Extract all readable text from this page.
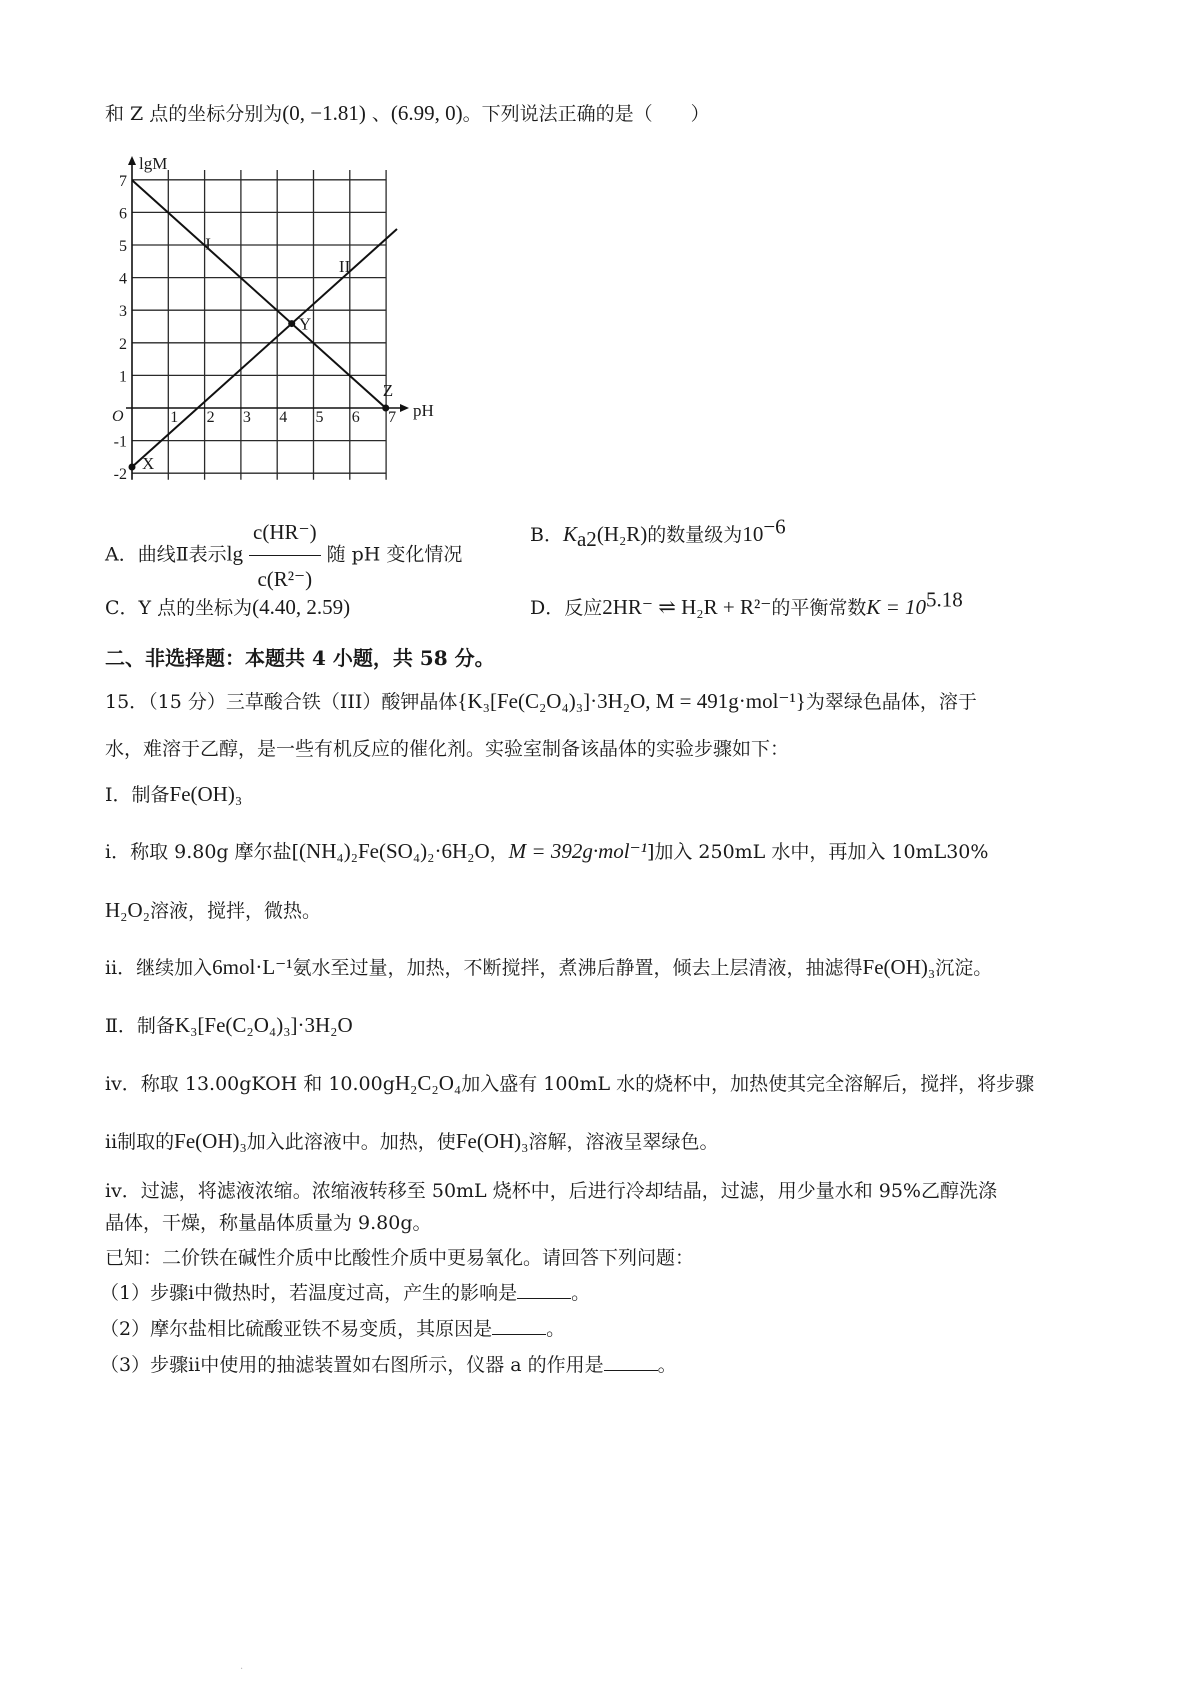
和 Z 点的坐标分别为(0, −1.81) 、(6.99, 0)。下列说法正确的是（　　）
lgM
pH
O	1 2 3 4 5 6 7
-2
-1
1
2
3
4
5
6
7
I
II
X
Y
Z
A．曲线Ⅱ表示$\lg \frac{c(HR^-)}{\text{c(R²⁻)}}$ 随 pH 变化情况
B．$K_{a2}(H_2R)$的数量级为$10^{-6}$
C．Y 点的坐标为(4.40, 2.59)	D．反应2HR⁻ ⇌ H₂R + R²⁻的平衡常数$K = 10^{5.18}$
二、非选择题：本题共 4 小题，共 58 分。
15．（15 分）三草酸合铁（III）酸钾晶体{K₃[Fe(C₂O₄)₃]·3H₂O, M = 491g·mol⁻¹}为翠绿色晶体，溶于
水，难溶于乙醇，是一些有机反应的催化剂。实验室制备该晶体的实验步骤如下：
Ⅰ．制备Fe(OH)₃
ⅰ．称取 9.80g 摩尔盐[(NH₄)₂Fe(SO₄)₂·6H₂O，M = 392g·mol⁻¹]加入 250mL 水中，再加入 10mL30%
H₂O₂溶液，搅拌，微热。
ⅱ．继续加入6mol·L⁻¹氨水至过量，加热，不断搅拌，煮沸后静置，倾去上层清液，抽滤得Fe(OH)₃沉淀。
Ⅱ．制备K₃[Fe(C₂O₄)₃]·3H₂O
ⅳ．称取 13.00gKOH 和 10.00gH₂C₂O₄加入盛有 100mL 水的烧杯中，加热使其完全溶解后，搅拌，将步骤
ⅱ制取的Fe(OH)₃加入此溶液中。加热，使Fe(OH)₃溶解，溶液呈翠绿色。
ⅳ．过滤，将滤液浓缩。浓缩液转移至 50mL 烧杯中，后进行冷却结晶，过滤，用少量水和 95%乙醇洗涤
晶体，干燥，称量晶体质量为 9.80g。
已知：二价铁在碱性介质中比酸性介质中更易氧化。请回答下列问题：
（1）步骤ⅰ中微热时，若温度过高，产生的影响是	。
（2）摩尔盐相比硫酸亚铁不易变质，其原因是	。
（3）步骤ⅱ中使用的抽滤装置如右图所示，仪器 a 的作用是	。
·
